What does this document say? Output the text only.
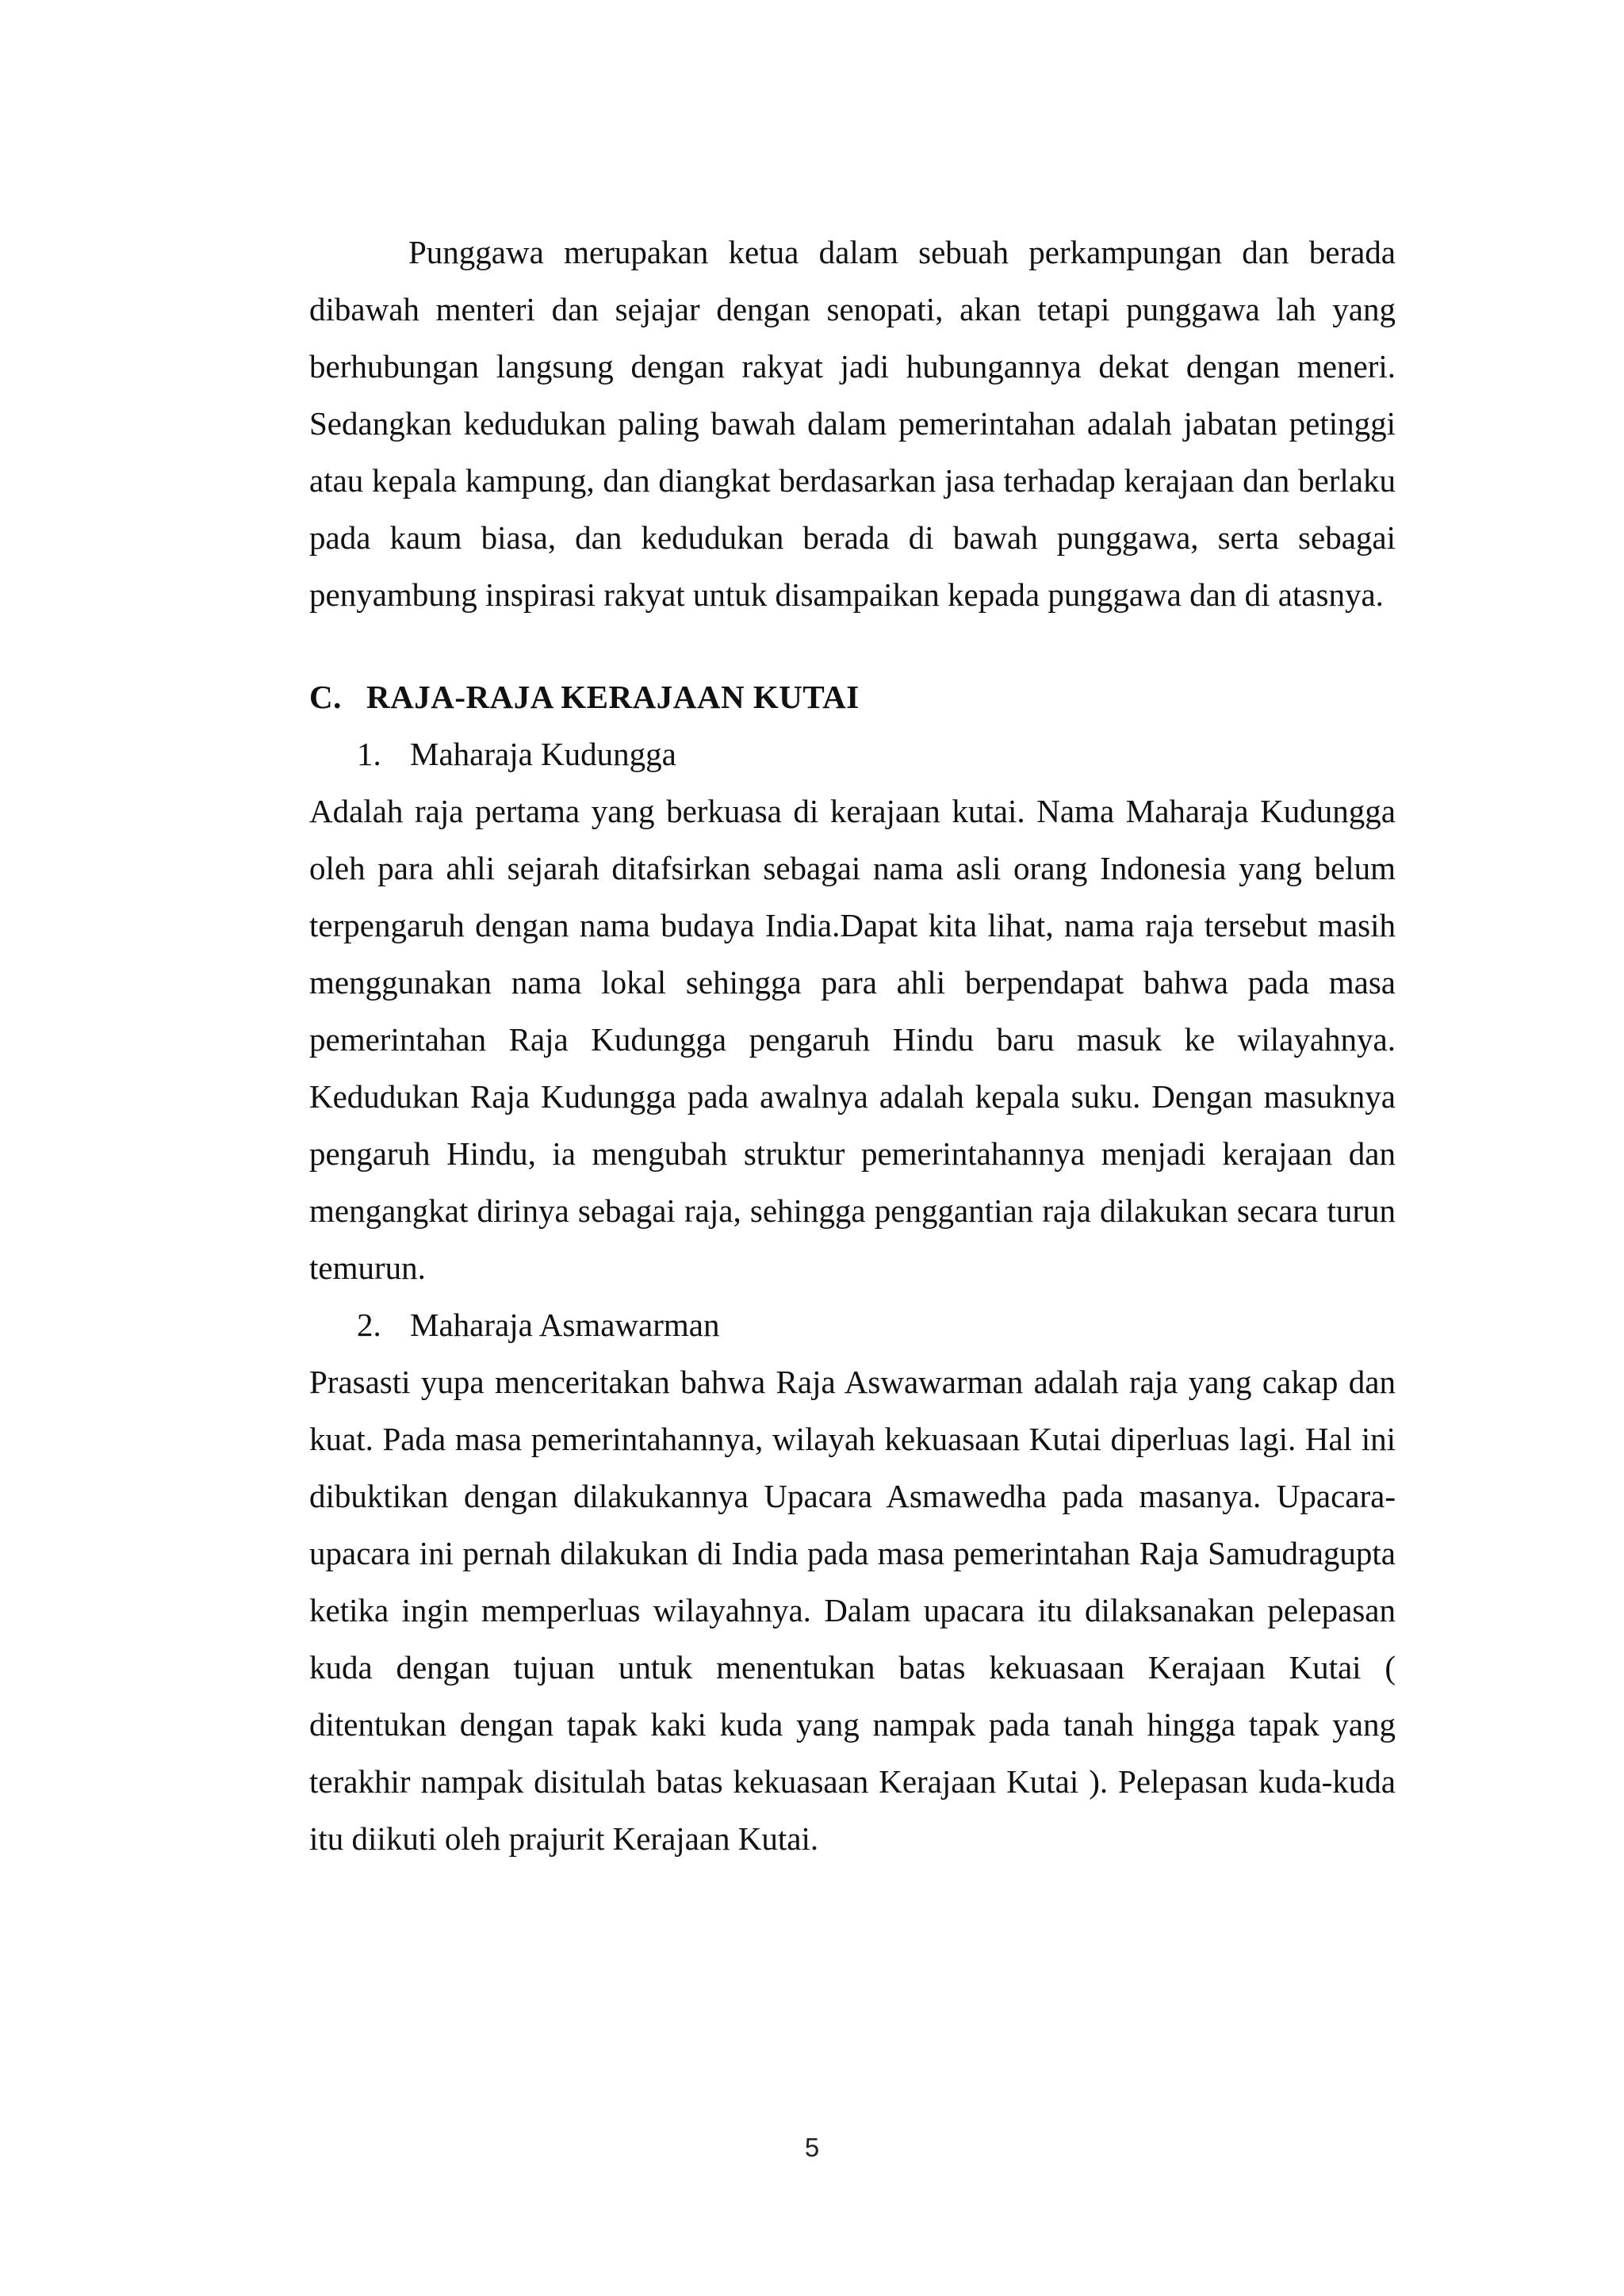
Punggawa merupakan ketua dalam sebuah perkampungan dan berada dibawah menteri dan sejajar dengan senopati, akan tetapi punggawa lah yang berhubungan langsung dengan rakyat jadi hubungannya dekat dengan meneri. Sedangkan kedudukan paling bawah dalam pemerintahan adalah jabatan petinggi atau kepala kampung, dan diangkat berdasarkan jasa terhadap kerajaan dan berlaku pada kaum biasa, dan kedudukan berada di bawah punggawa, serta sebagai penyambung inspirasi rakyat untuk disampaikan kepada punggawa dan di atasnya.

C. RAJA-RAJA KERAJAAN KUTAI

1. Maharaja Kudungga

Adalah raja pertama yang berkuasa di kerajaan kutai. Nama Maharaja Kudungga oleh para ahli sejarah ditafsirkan sebagai nama asli orang Indonesia yang belum terpengaruh dengan nama budaya India.Dapat kita lihat, nama raja tersebut masih menggunakan nama lokal sehingga para ahli berpendapat bahwa pada masa pemerintahan Raja Kudungga pengaruh Hindu baru masuk ke wilayahnya. Kedudukan Raja Kudungga pada awalnya adalah kepala suku. Dengan masuknya pengaruh Hindu, ia mengubah struktur pemerintahannya menjadi kerajaan dan mengangkat dirinya sebagai raja, sehingga penggantian raja dilakukan secara turun temurun.

2. Maharaja Asmawarman

Prasasti yupa menceritakan bahwa Raja Aswawarman adalah raja yang cakap dan kuat. Pada masa pemerintahannya, wilayah kekuasaan Kutai diperluas lagi. Hal ini dibuktikan dengan dilakukannya Upacara Asmawedha pada masanya. Upacara-upacara ini pernah dilakukan di India pada masa pemerintahan Raja Samudragupta ketika ingin memperluas wilayahnya. Dalam upacara itu dilaksanakan pelepasan kuda dengan tujuan untuk menentukan batas kekuasaan Kerajaan Kutai ( ditentukan dengan tapak kaki kuda yang nampak pada tanah hingga tapak yang terakhir nampak disitulah batas kekuasaan Kerajaan Kutai ). Pelepasan kuda-kuda itu diikuti oleh prajurit Kerajaan Kutai.

5
